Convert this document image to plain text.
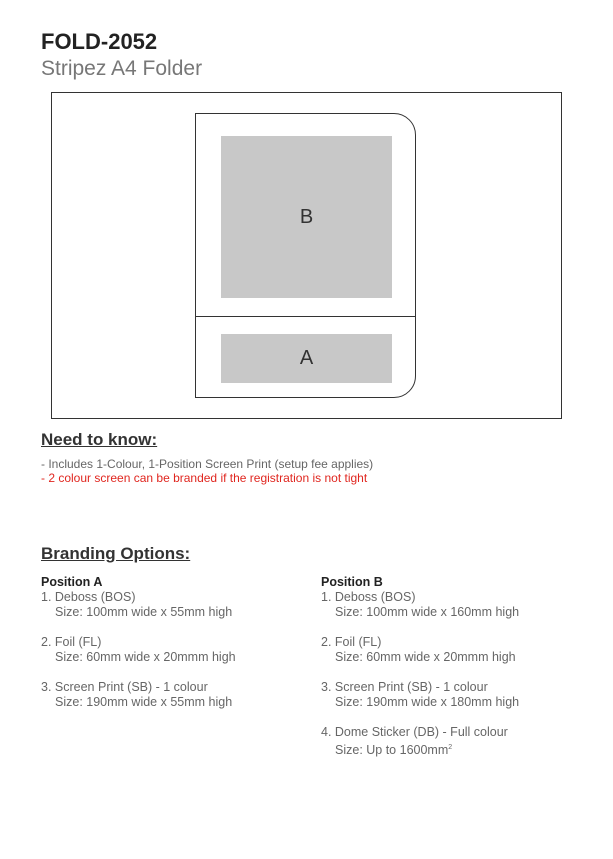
FOLD-2052
Stripez A4 Folder
B
A
Need to know:
- Includes 1-Colour, 1-Position Screen Print (setup fee applies)
- 2 colour screen can be branded if the registration is not tight
Branding Options:
Position A
1. Deboss (BOS)
Size: 100mm wide x 55mm high
2. Foil (FL)
Size: 60mm wide x 20mmm high
3. Screen Print (SB) - 1 colour
Size: 190mm wide x 55mm high
Position B
1. Deboss (BOS)
Size: 100mm wide x 160mm high
2. Foil (FL)
Size: 60mm wide x 20mmm high
3. Screen Print (SB) - 1 colour
Size: 190mm wide x 180mm high
4. Dome Sticker (DB) - Full colour
Size: Up to $1600mm^2$
